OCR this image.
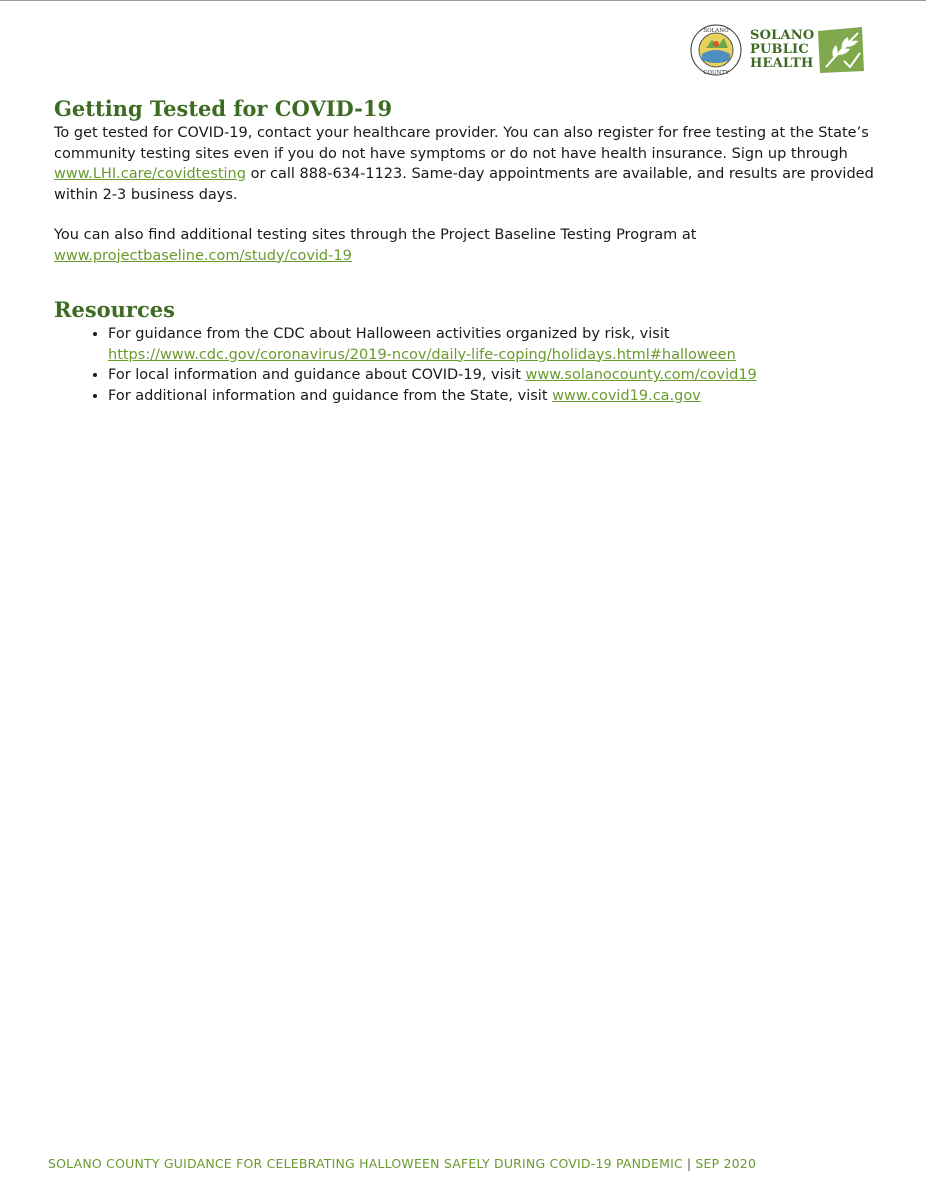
SOLANO
COUNTY
SOLANO
PUBLIC
HEALTH
Getting Tested for COVID-19

To get tested for COVID-19, contact your healthcare provider. You can also register for free testing at the State’s community testing sites even if you do not have symptoms or do not have health insurance. Sign up through www.LHI.care/covidtesting or call 888-634-1123. Same-day appointments are available, and results are provided within 2-3 business days.

You can also find additional testing sites through the Project Baseline Testing Program at www.projectbaseline.com/study/covid-19

Resources
• For guidance from the CDC about Halloween activities organized by risk, visit https://www.cdc.gov/coronavirus/2019-ncov/daily-life-coping/holidays.html#halloween
• For local information and guidance about COVID-19, visit www.solanocounty.com/covid19
• For additional information and guidance from the State, visit www.covid19.ca.gov
SOLANO COUNTY GUIDANCE FOR CELEBRATING HALLOWEEN SAFELY DURING COVID-19 PANDEMIC | SEP 2020
